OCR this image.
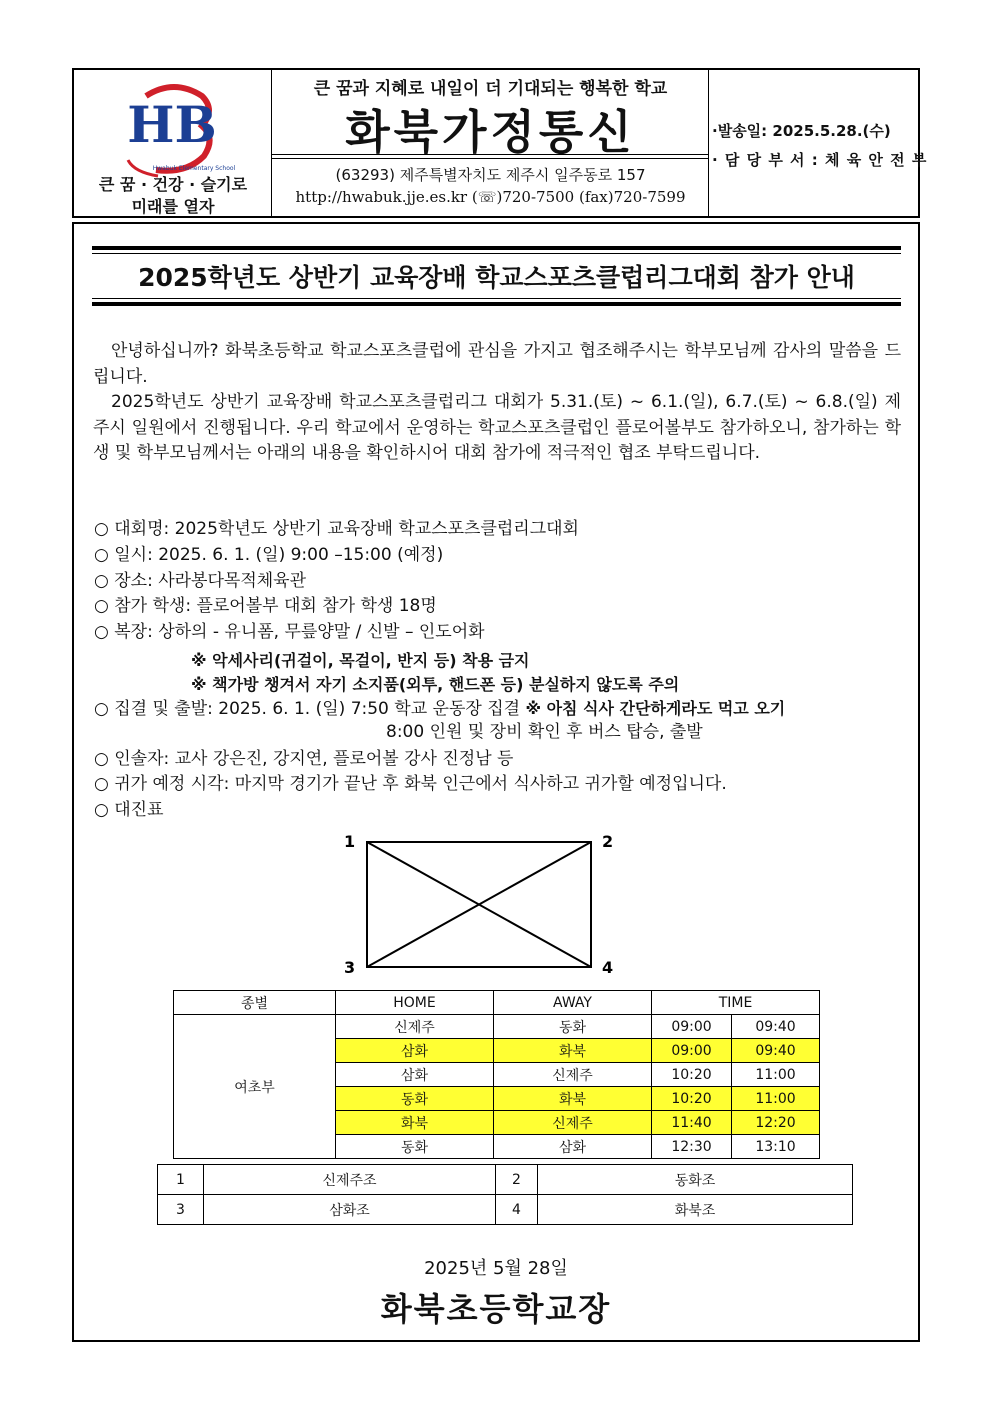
HB
Hwabuk Elementary School
큰 꿈 · 건강 · 슬기로
미래를 열자
큰 꿈과 지혜로 내일이 더 기대되는 행복한 학교
화북가정통신
(63293) 제주특별자치도 제주시 일주동로 157
http://hwabuk.jje.es.kr (☏)720-7500 (fax)720-7599
·발송일: 2025.5.28.(수)
· 담 당 부 서 : 체 육 안 전 부
2025학년도 상반기 교육장배 학교스포츠클럽리그대회 참가 안내
안녕하십니까? 화북초등학교 학교스포츠클럽에 관심을 가지고 협조해주시는 학부모님께 감사의 말씀을 드립니다.
2025학년도 상반기 교육장배 학교스포츠클럽리그 대회가 5.31.(토) ~ 6.1.(일), 6.7.(토) ~ 6.8.(일) 제주시 일원에서 진행됩니다. 우리 학교에서 운영하는 학교스포츠클럽인 플로어볼부도 참가하오니, 참가하는 학생 및 학부모님께서는 아래의 내용을 확인하시어 대회 참가에 적극적인 협조 부탁드립니다.
○ 대회명: 2025학년도 상반기 교육장배 학교스포츠클럽리그대회
○ 일시: 2025. 6. 1. (일) 9:00 –15:00 (예정)
○ 장소: 사라봉다목적체육관
○ 참가 학생: 플로어볼부 대회 참가 학생 18명
○ 복장: 상하의 - 유니폼, 무릎양말 / 신발 – 인도어화
※ 악세사리(귀걸이, 목걸이, 반지 등) 착용 금지
※ 책가방 챙겨서 자기 소지품(외투, 핸드폰 등) 분실하지 않도록 주의
○ 집결 및 출발: 2025. 6. 1. (일) 7:50 학교 운동장 집결 ※ 아침 식사 간단하게라도 먹고 오기
8:00 인원 및 장비 확인 후 버스 탑승, 출발
○ 인솔자: 교사 강은진, 강지연, 플로어볼 강사 진정남 등
○ 귀가 예정 시각: 마지막 경기가 끝난 후 화북 인근에서 식사하고 귀가할 예정입니다.
○ 대진표
1	2
3	4
종별	HOME	AWAY	TIME	
여초부	신제주	동화	09:00	09:40
	삼화	화북	09:00	09:40
	삼화	신제주	10:20	11:00
	동화	화북	10:20	11:00
	화북	신제주	11:40	12:20
	동화	삼화	12:30	13:10
1	신제주조	2	동화조
3	삼화조	4	화북조
2025년 5월 28일
화북초등학교장
